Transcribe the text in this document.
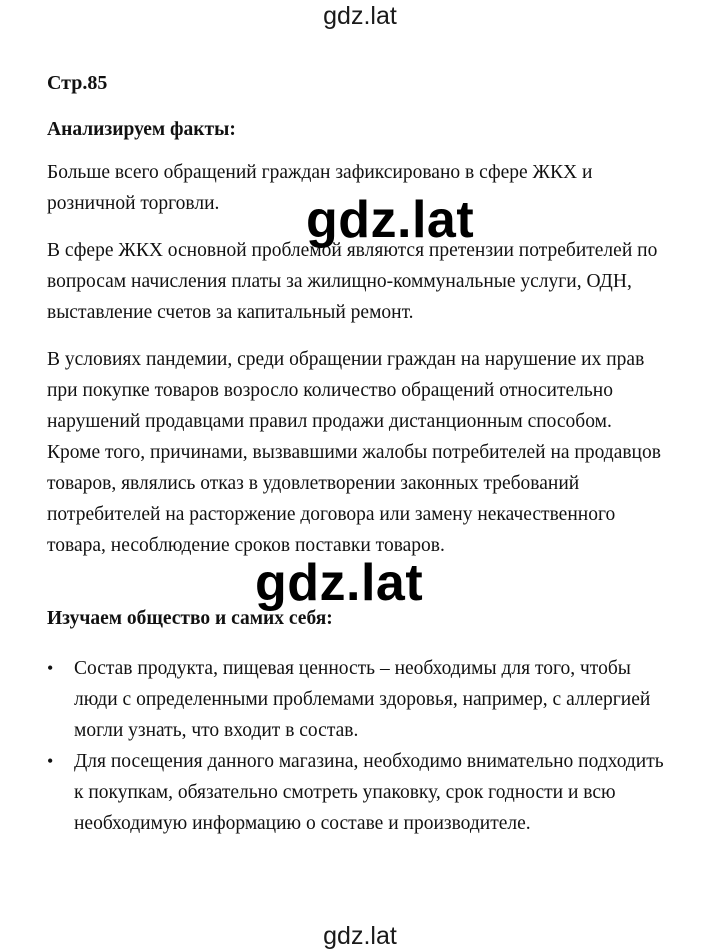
gdz.lat
Стр.85
Анализируем факты:

Больше всего обращений граждан зафиксировано в сфере ЖКХ и розничной торговли.

В сфере ЖКХ основной проблемой являются претензии потребителей по вопросам начисления платы за жилищно-коммунальные услуги, ОДН, выставление счетов за капитальный ремонт.

В условиях пандемии, среди обращении граждан на нарушение их прав при покупке товаров возросло количество обращений относительно нарушений продавцами правил продажи дистанционным способом. Кроме того, причинами, вызвавшими жалобы потребителей на продавцов товаров, являлись отказ в удовлетворении законных требований потребителей на расторжение договора или замену некачественного товара, несоблюдение сроков поставки товаров.

Изучаем общество и самих себя:
• Состав продукта, пищевая ценность – необходимы для того, чтобы люди с определенными проблемами здоровья, например, с аллергией могли узнать, что входит в состав.
• Для посещения данного магазина, необходимо внимательно подходить к покупкам, обязательно смотреть упаковку, срок годности и всю необходимую информацию о составе и производителе.
gdz.lat
gdz.lat
gdz.lat
